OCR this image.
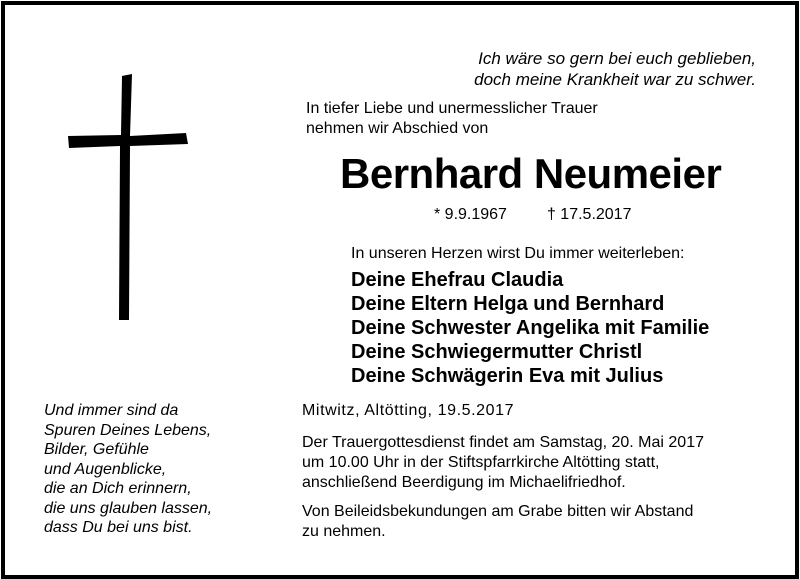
Ich wäre so gern bei euch geblieben,
doch meine Krankheit war zu schwer.
In tiefer Liebe und unermesslicher Trauer
nehmen wir Abschied von
Bernhard Neumeier
* 9.9.1967	† 17.5.2017
In unseren Herzen wirst Du immer weiterleben:
Deine Ehefrau Claudia
Deine Eltern Helga und Bernhard
Deine Schwester Angelika mit Familie
Deine Schwiegermutter Christl
Deine Schwägerin Eva mit Julius
Mitwitz, Altötting, 19.5.2017
Der Trauergottesdienst findet am Samstag, 20. Mai 2017
um 10.00 Uhr in der Stiftspfarrkirche Altötting statt,
anschließend Beerdigung im Michaelifriedhof.
Von Beileidsbekundungen am Grabe bitten wir Abstand
zu nehmen.
Und immer sind da
Spuren Deines Lebens,
Bilder, Gefühle
und Augenblicke,
die an Dich erinnern,
die uns glauben lassen,
dass Du bei uns bist.
